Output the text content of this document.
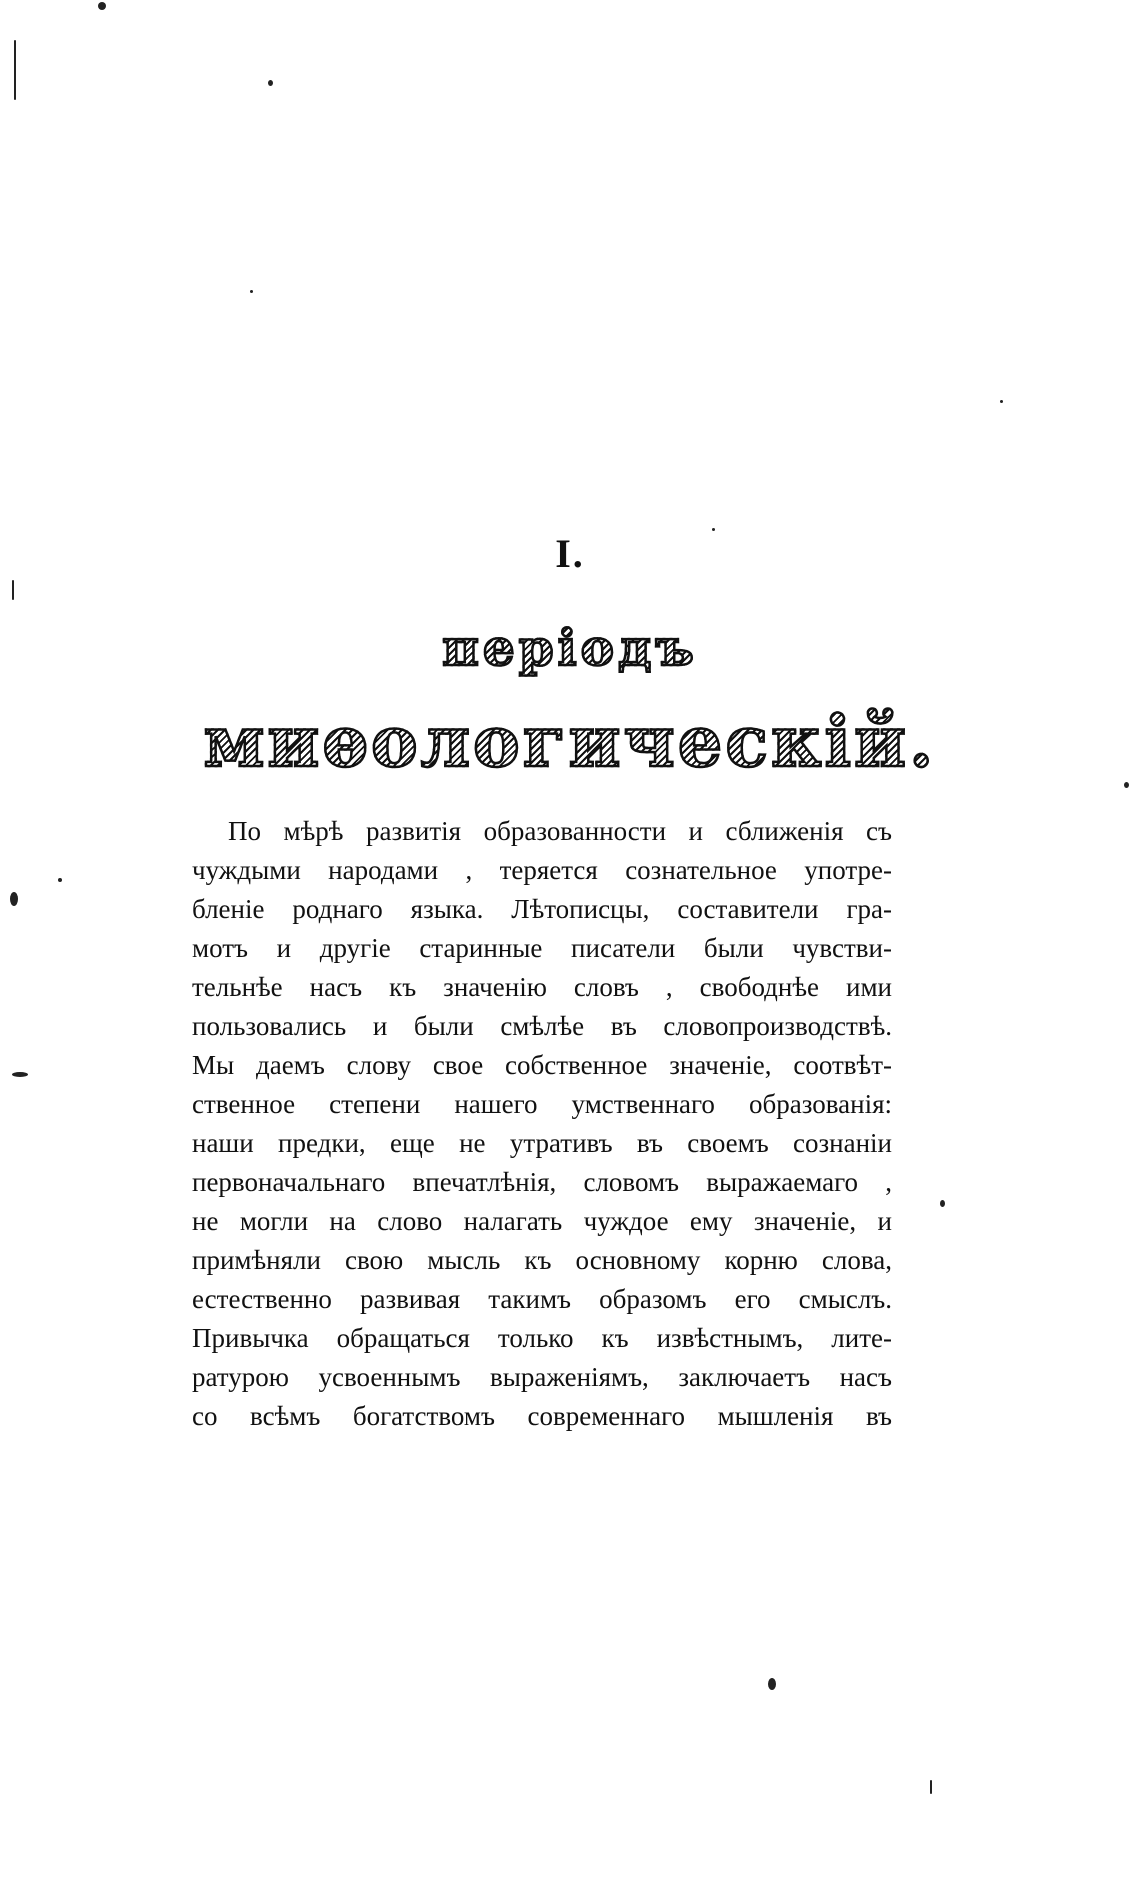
I.
періодъ
миѳологическій.
По мѣрѣ развитія образованности и сближенія съ
чуждыми народами , теряется сознательное употре-
бленіе роднаго языка. Лѣтописцы, составители гра-
мотъ и другіе старинные писатели были чувстви-
тельнѣе насъ къ значенію словъ , свободнѣе ими
пользовались и были смѣлѣе въ словопроизводствѣ.
Мы даемъ слову свое собственное значеніе, соотвѣт-
ственное степени нашего умственнаго образованія:
наши предки, еще не утративъ въ своемъ сознаніи
первоначальнаго впечатлѣнія, словомъ выражаемаго ,
не могли на слово налагать чуждое ему значеніе, и
примѣняли свою мысль къ основному корню слова,
естественно развивая такимъ образомъ его смыслъ.
Привычка обращаться только къ извѣстнымъ, лите-
ратурою усвоеннымъ выраженіямъ, заключаетъ насъ
со всѣмъ богатствомъ современнаго мышленія въ
